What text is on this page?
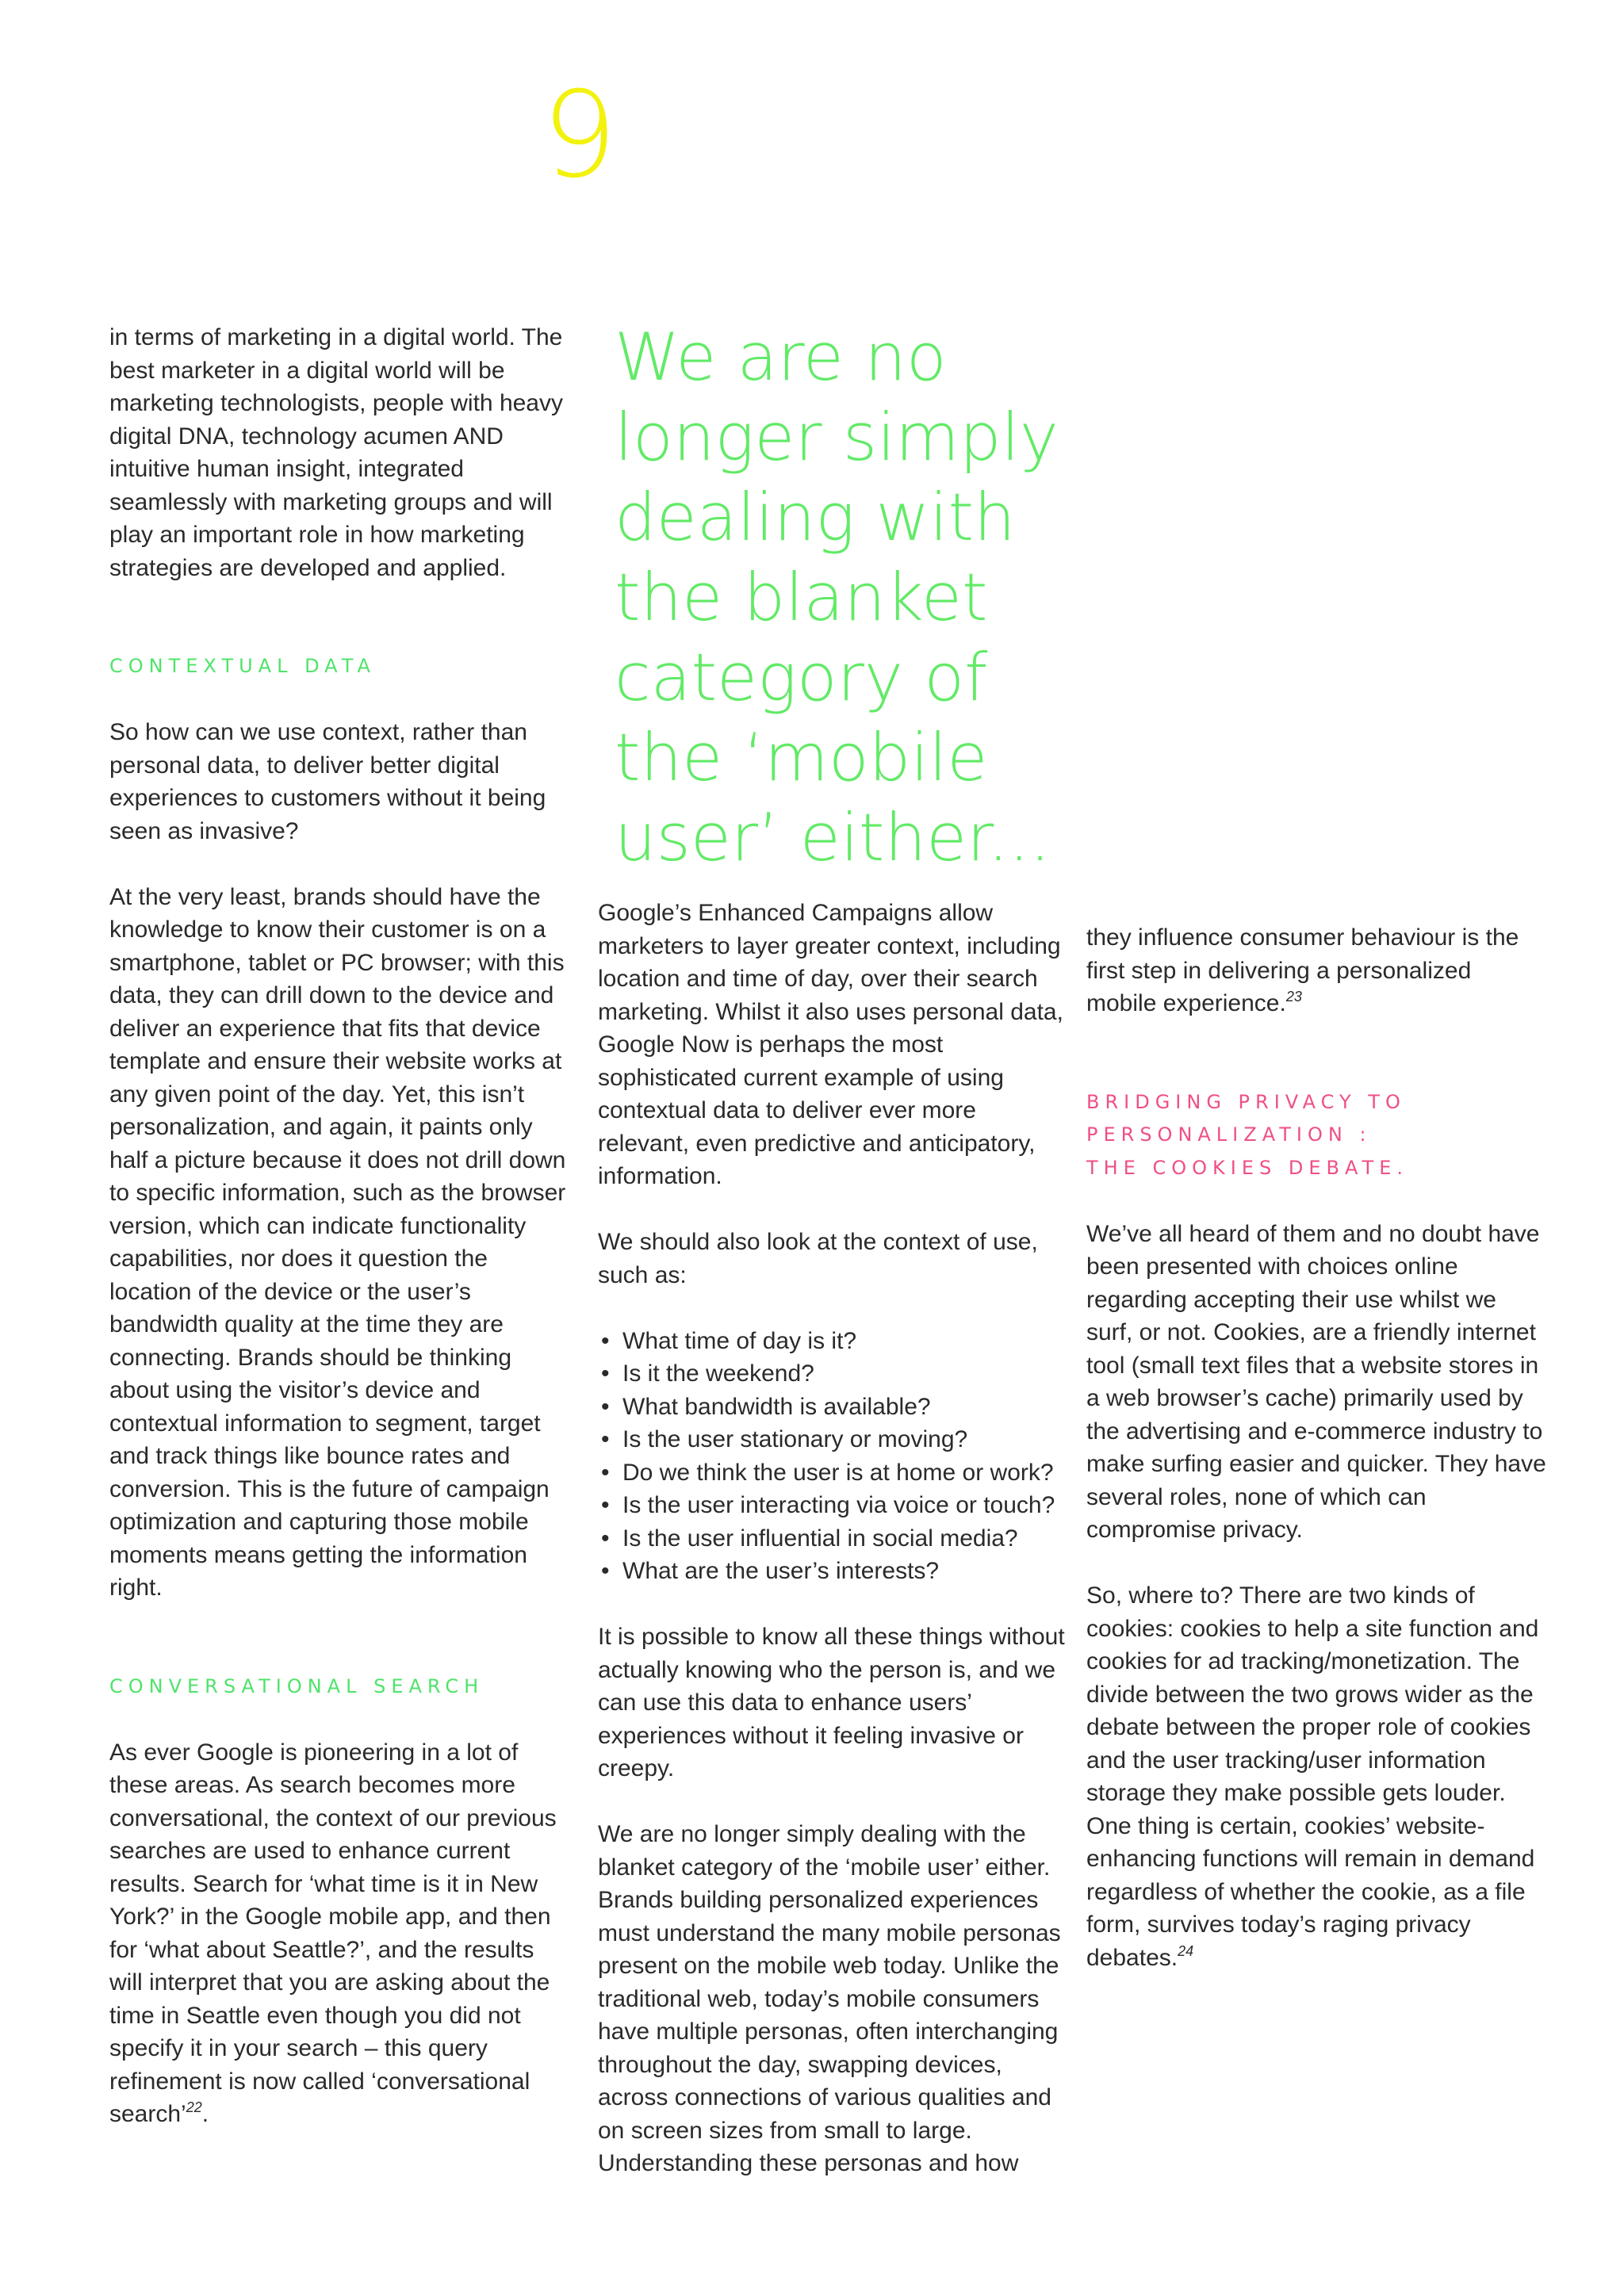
9

in terms of marketing in a digital world. The best marketer in a digital world will be marketing technologists, people with heavy digital DNA, technology acumen AND intuitive human insight, integrated seamlessly with marketing groups and will play an important role in how marketing strategies are developed and applied.

CONTEXTUAL DATA

So how can we use context, rather than personal data, to deliver better digital experiences to customers without it being seen as invasive?

At the very least, brands should have the knowledge to know their customer is on a smartphone, tablet or PC browser; with this data, they can drill down to the device and deliver an experience that fits that device template and ensure their website works at any given point of the day. Yet, this isn’t personalization, and again, it paints only half a picture because it does not drill down to specific information, such as the browser version, which can indicate functionality capabilities, nor does it question the location of the device or the user’s bandwidth quality at the time they are connecting. Brands should be thinking about using the visitor’s device and contextual information to segment, target and track things like bounce rates and conversion. This is the future of campaign optimization and capturing those mobile moments means getting the information right.

CONVERSATIONAL SEARCH

As ever Google is pioneering in a lot of these areas. As search becomes more conversational, the context of our previous searches are used to enhance current results. Search for ‘what time is it in New York?’ in the Google mobile app, and then for ‘what about Seattle?’, and the results will interpret that you are asking about the time in Seattle even though you did not specify it in your search – this query refinement is now called ‘conversational search’$^{22}$.

We are no longer simply dealing with the blanket category of the ‘mobile user’ either...

Google’s Enhanced Campaigns allow marketers to layer greater context, including location and time of day, over their search marketing. Whilst it also uses personal data, Google Now is perhaps the most sophisticated current example of using contextual data to deliver ever more relevant, even predictive and anticipatory, information.

We should also look at the context of use, such as:

• What time of day is it?
• Is it the weekend?
• What bandwidth is available?
• Is the user stationary or moving?
• Do we think the user is at home or work?
• Is the user interacting via voice or touch?
• Is the user influential in social media?
• What are the user’s interests?

It is possible to know all these things without actually knowing who the person is, and we can use this data to enhance users’ experiences without it feeling invasive or creepy.

We are no longer simply dealing with the blanket category of the ‘mobile user’ either. Brands building personalized experiences must understand the many mobile personas present on the mobile web today. Unlike the traditional web, today’s mobile consumers have multiple personas, often interchanging throughout the day, swapping devices, across connections of various qualities and on screen sizes from small to large. Understanding these personas and how

they influence consumer behaviour is the first step in delivering a personalized mobile experience.$^{23}$

BRIDGING PRIVACY TO
PERSONALIZATION :
THE COOKIES DEBATE.

We’ve all heard of them and no doubt have been presented with choices online regarding accepting their use whilst we surf, or not. Cookies, are a friendly internet tool (small text files that a website stores in a web browser’s cache) primarily used by the advertising and e-commerce industry to make surfing easier and quicker. They have several roles, none of which can compromise privacy.

So, where to? There are two kinds of cookies: cookies to help a site function and cookies for ad tracking/monetization. The divide between the two grows wider as the debate between the proper role of cookies and the user tracking/user information storage they make possible gets louder. One thing is certain, cookies’ website-enhancing functions will remain in demand regardless of whether the cookie, as a file form, survives today’s raging privacy debates.$^{24}$
